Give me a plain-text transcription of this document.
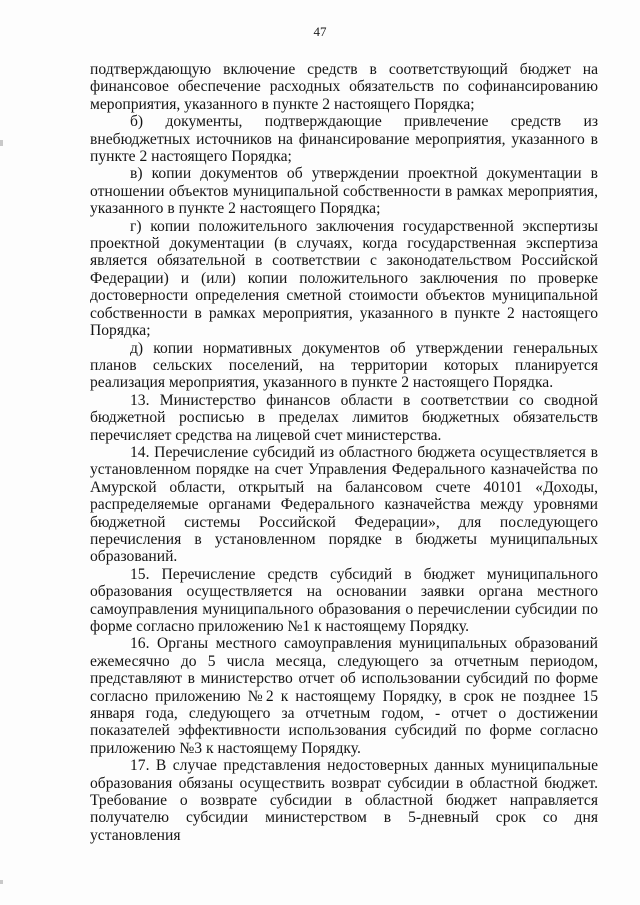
47

подтверждающую включение средств в соответствующий бюджет на финансовое обеспечение расходных обязательств по софинансированию мероприятия, указанного в пункте 2 настоящего Порядка;

б) документы, подтверждающие привлечение средств из внебюджетных источников на финансирование мероприятия, указанного в пункте 2 настоящего Порядка;

в) копии документов об утверждении проектной документации в отношении объектов муниципальной собственности в рамках мероприятия, указанного в пункте 2 настоящего Порядка;

г) копии положительного заключения государственной экспертизы проектной документации (в случаях, когда государственная экспертиза является обязательной в соответствии с законодательством Российской Федерации) и (или) копии положительного заключения по проверке достоверности определения сметной стоимости объектов муниципальной собственности в рамках мероприятия, указанного в пункте 2 настоящего Порядка;

д) копии нормативных документов об утверждении генеральных планов сельских поселений, на территории которых планируется реализация мероприятия, указанного в пункте 2 настоящего Порядка.

13. Министерство финансов области в соответствии со сводной бюджетной росписью в пределах лимитов бюджетных обязательств перечисляет средства на лицевой счет министерства.

14. Перечисление субсидий из областного бюджета осуществляется в установленном порядке на счет Управления Федерального казначейства по Амурской области, открытый на балансовом счете 40101 «Доходы, распределяемые органами Федерального казначейства между уровнями бюджетной системы Российской Федерации», для последующего перечисления в установленном порядке в бюджеты муниципальных образований.

15. Перечисление средств субсидий в бюджет муниципального образования осуществляется на основании заявки органа местного самоуправления муниципального образования о перечислении субсидии по форме согласно приложению №1 к настоящему Порядку.

16. Органы местного самоуправления муниципальных образований ежемесячно до 5 числа месяца, следующего за отчетным периодом, представляют в министерство отчет об использовании субсидий по форме согласно приложению №2 к настоящему Порядку, в срок не позднее 15 января года, следующего за отчетным годом, - отчет о достижении показателей эффективности использования субсидий по форме согласно приложению №3 к настоящему Порядку.

17. В случае представления недостоверных данных муниципальные образования обязаны осуществить возврат субсидии в областной бюджет. Требование о возврате субсидии в областной бюджет направляется получателю субсидии министерством в 5-дневный срок со дня установления
